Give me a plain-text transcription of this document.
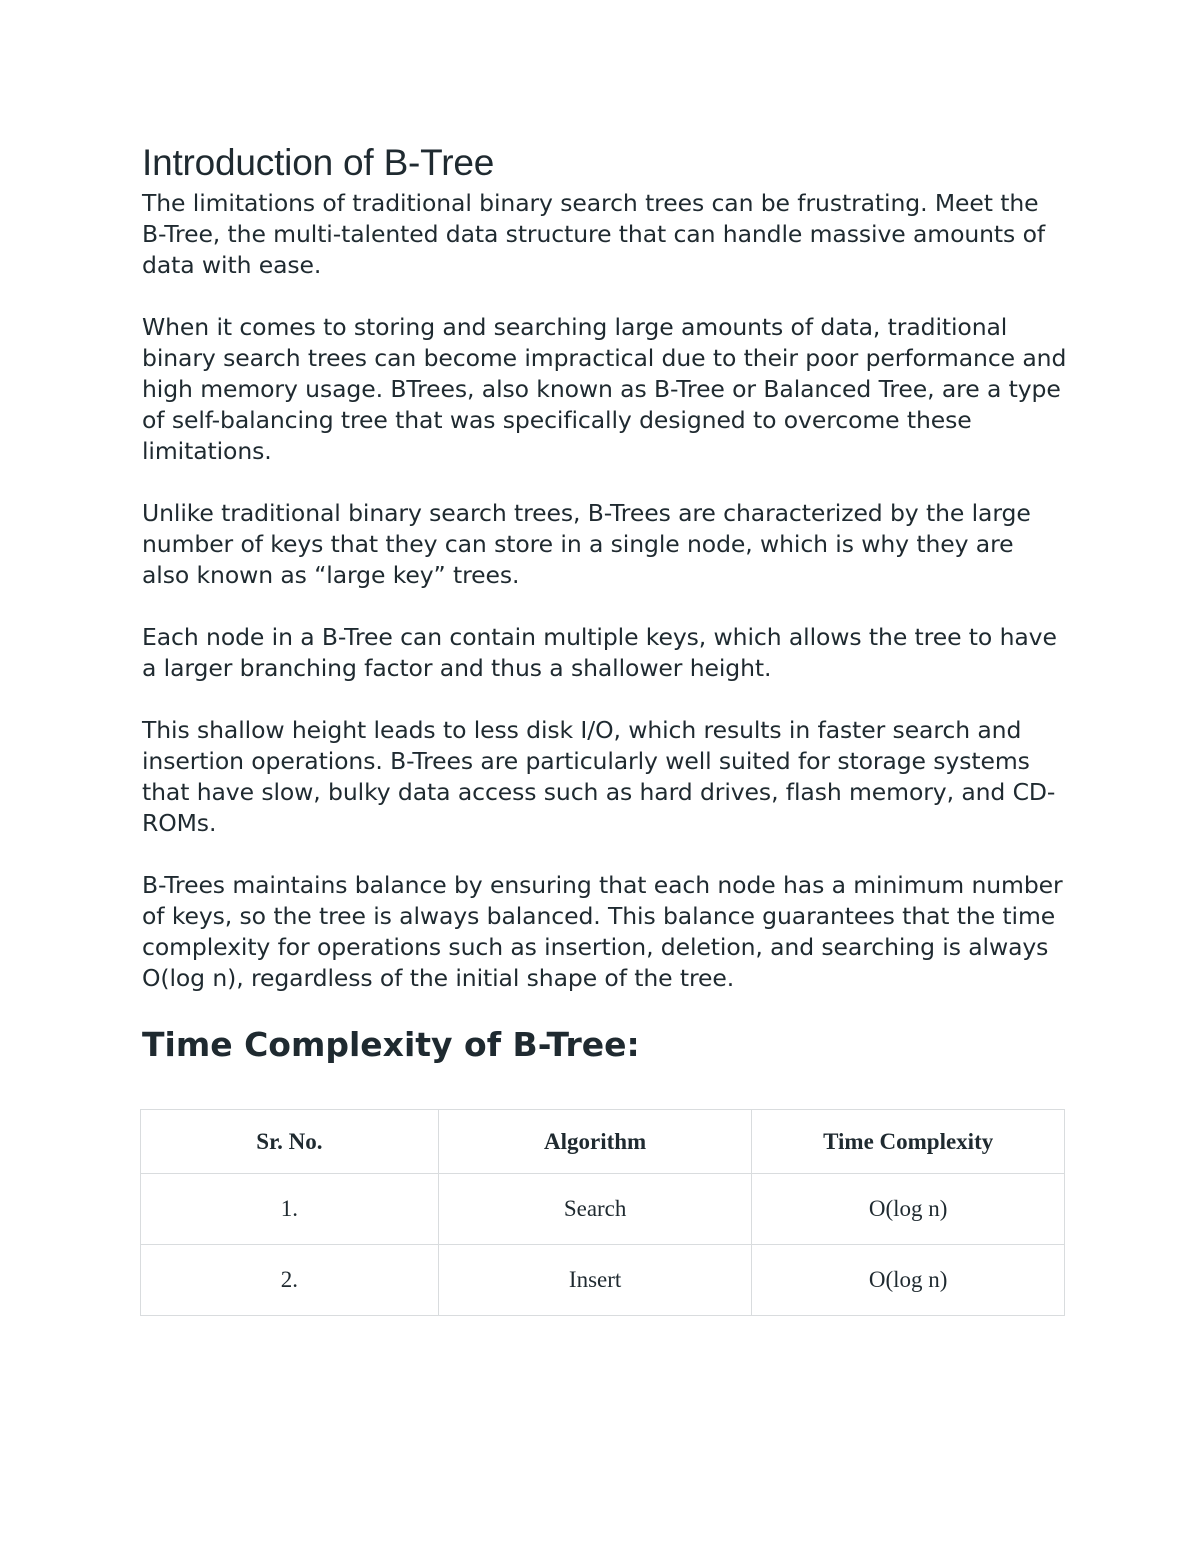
Introduction of B-Tree

The limitations of traditional binary search trees can be frustrating. Meet the B-Tree, the multi-talented data structure that can handle massive amounts of data with ease.

When it comes to storing and searching large amounts of data, traditional binary search trees can become impractical due to their poor performance and high memory usage. BTrees, also known as B-Tree or Balanced Tree, are a type of self-balancing tree that was specifically designed to overcome these limitations.

Unlike traditional binary search trees, B-Trees are characterized by the large number of keys that they can store in a single node, which is why they are also known as “large key” trees.

Each node in a B-Tree can contain multiple keys, which allows the tree to have a larger branching factor and thus a shallower height.

This shallow height leads to less disk I/O, which results in faster search and insertion operations. B-Trees are particularly well suited for storage systems that have slow, bulky data access such as hard drives, flash memory, and CD-ROMs.

B-Trees maintains balance by ensuring that each node has a minimum number of keys, so the tree is always balanced. This balance guarantees that the time complexity for operations such as insertion, deletion, and searching is always O(log n), regardless of the initial shape of the tree.

Time Complexity of B-Tree:
Sr. No.	Algorithm	Time Complexity
1.	Search	O(log n)
2.	Insert	O(log n)
